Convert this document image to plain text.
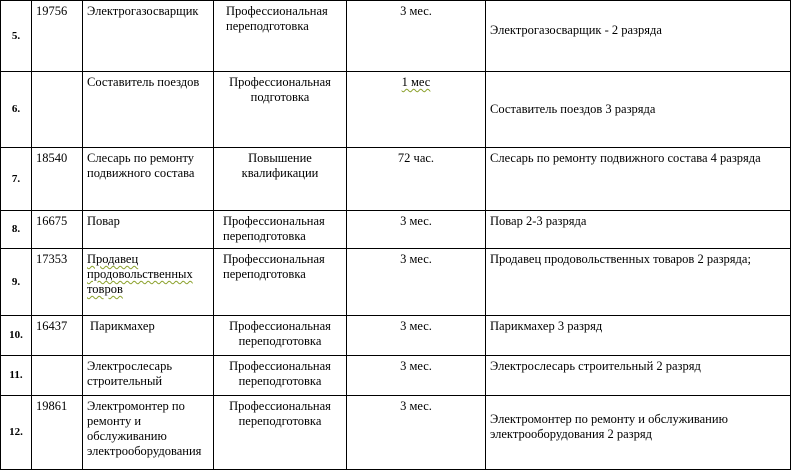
5.	19756	Электрогазосварщик	Профессиональная переподготовка	3 мес.	Электрогазосварщик - 2 разряда

6.		Составитель поездов	Профессиональная подготовка	1 мес	Составитель поездов 3 разряда

7.	18540	Слесарь по ремонту подвижного состава	Повышение квалификации	72 час.	Слесарь по ремонту подвижного состава 4 разряда

8.	16675	Повар	Профессиональная переподготовка	3 мес.	Повар 2-3 разряда

9.	17353	Продавец продовольственных товров	Профессиональная переподготовка	3 мес.	Продавец продовольственных товаров 2 разряда;

10.	16437	Парикмахер	Профессиональная переподготовка	3 мес.	Парикмахер 3 разряд

11.		Электрослесарь строительный	Профессиональная переподготовка	3 мес.	Электрослесарь строительный 2 разряд

12.	19861	Электромонтер по ремонту и обслуживанию электрооборудования	Профессиональная переподготовка	3 мес.	Электромонтер по ремонту и обслуживанию электрооборудования 2 разряд
